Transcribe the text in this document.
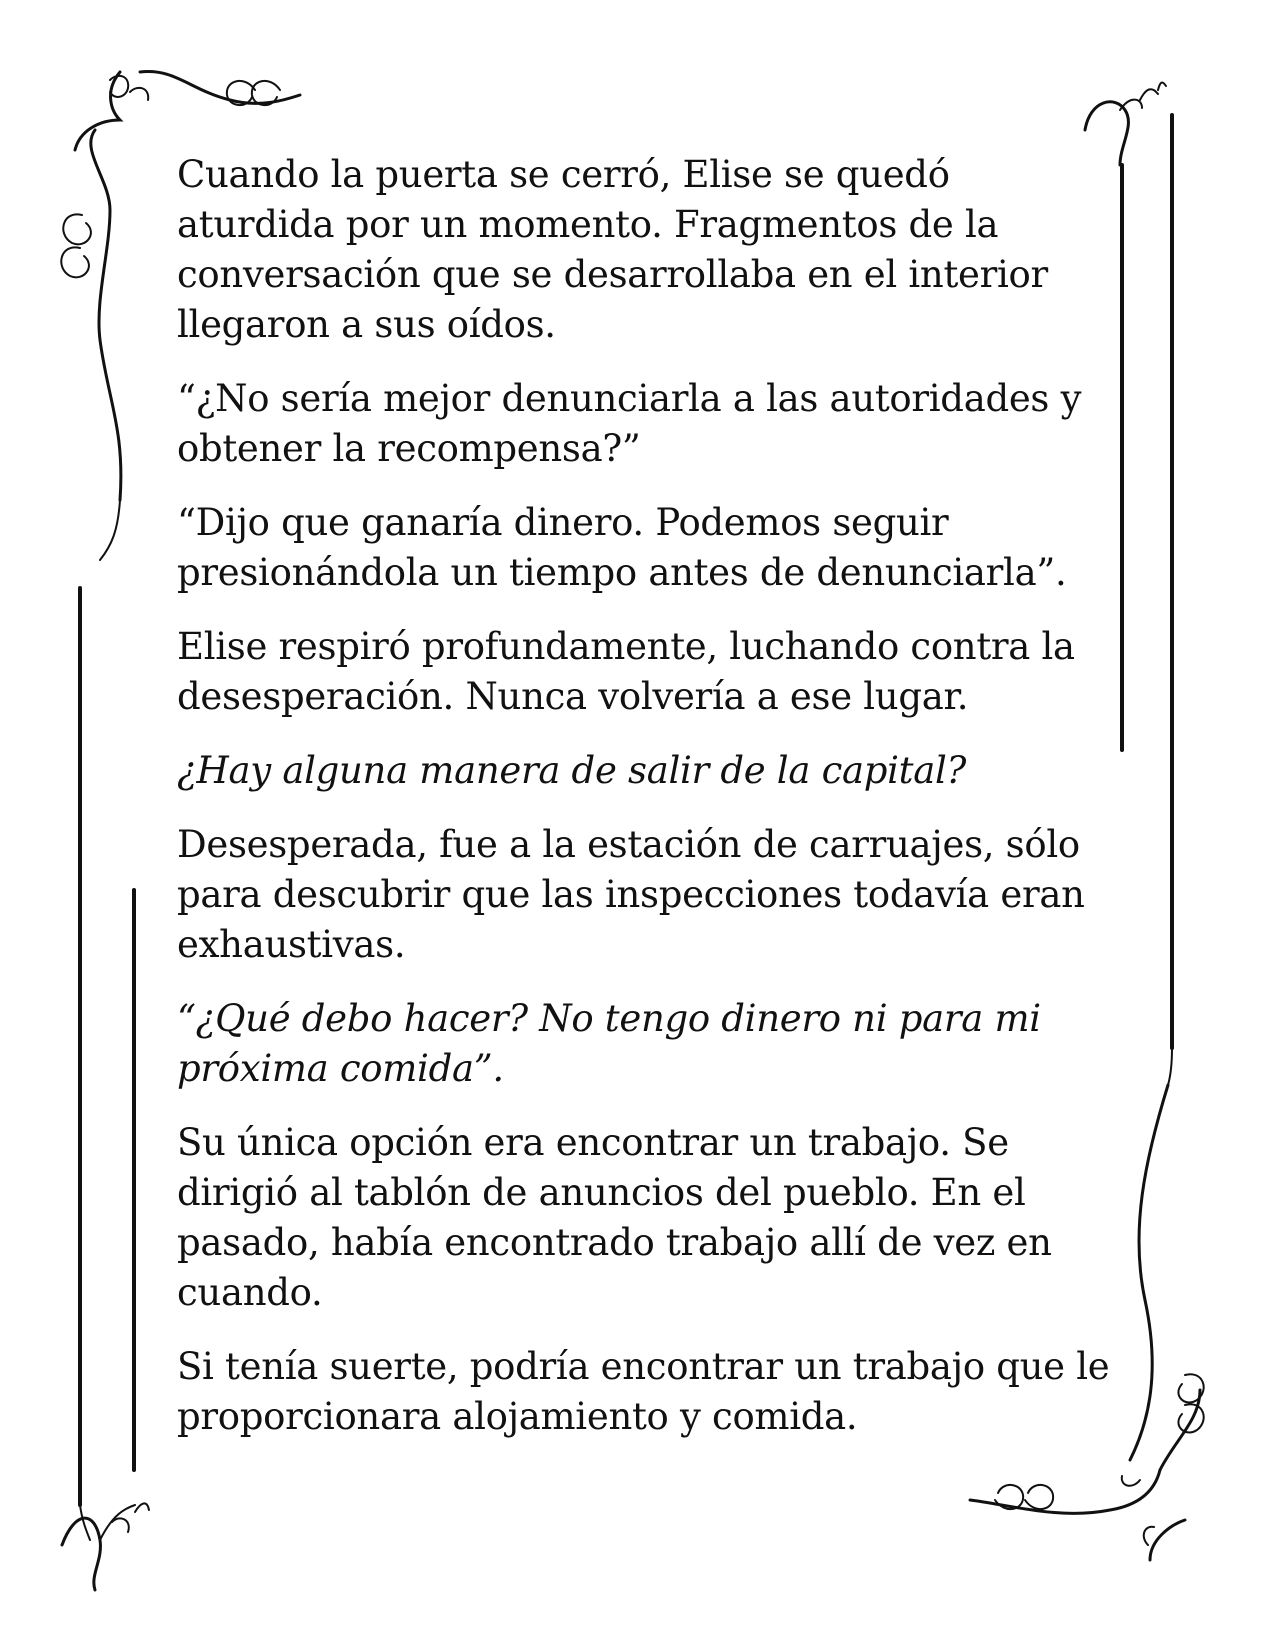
Cuando la puerta se cerró, Elise se quedó aturdida por un momento. Fragmentos de la conversación que se desarrollaba en el interior llegaron a sus oídos.

“¿No sería mejor denunciarla a las autoridades y obtener la recompensa?”

“Dijo que ganaría dinero. Podemos seguir presionándola un tiempo antes de denunciarla”.

Elise respiró profundamente, luchando contra la desesperación. Nunca volvería a ese lugar.

¿Hay alguna manera de salir de la capital?

Desesperada, fue a la estación de carruajes, sólo para descubrir que las inspecciones todavía eran exhaustivas.

“¿Qué debo hacer? No tengo dinero ni para mi próxima comida”.

Su única opción era encontrar un trabajo. Se dirigió al tablón de anuncios del pueblo. En el pasado, había encontrado trabajo allí de vez en cuando.

Si tenía suerte, podría encontrar un trabajo que le proporcionara alojamiento y comida.
